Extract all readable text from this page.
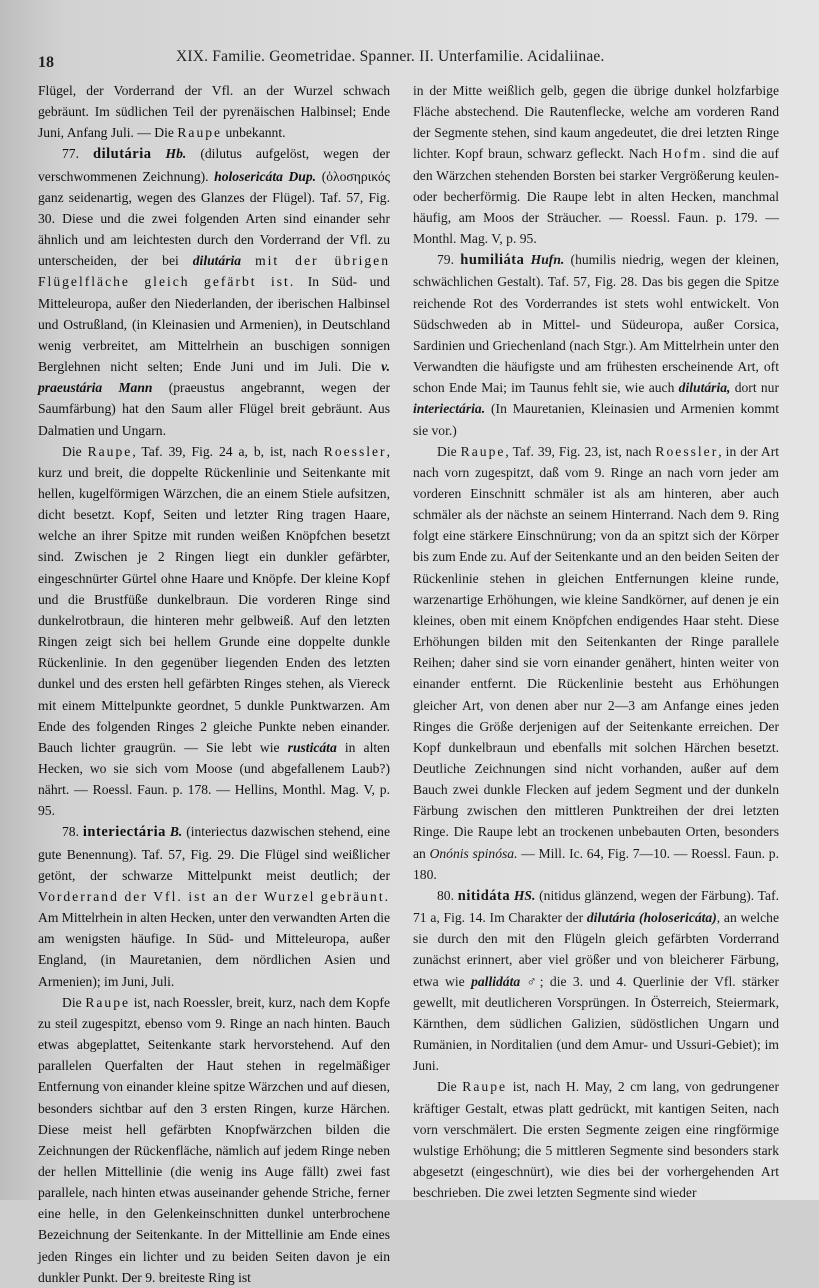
18	XIX. Familie. Geometridae. Spanner. II. Unterfamilie. Acidaliinae.

Flügel, der Vorderrand der Vfl. an der Wurzel schwach gebräunt. Im südlichen Teil der pyrenäischen Halbinsel; Ende Juni, Anfang Juli. — Die Raupe unbekannt.

77. dilutária Hb. (dilutus aufgelöst, wegen der verschwommenen Zeichnung). holosericáta Dup. (ὁλοσηρικός ganz seidenartig, wegen des Glanzes der Flügel). Taf. 57, Fig. 30. Diese und die zwei folgenden Arten sind einander sehr ähnlich und am leichtesten durch den Vorderrand der Vfl. zu unterscheiden, der bei dilutária mit der übrigen Flügelfläche gleich gefärbt ist. In Süd- und Mitteleuropa, außer den Niederlanden, der iberischen Halbinsel und Ostrußland, (in Kleinasien und Armenien), in Deutschland wenig verbreitet, am Mittelrhein an buschigen sonnigen Berglehnen nicht selten; Ende Juni und im Juli. Die v. praeustária Mann (praeustus angebrannt, wegen der Saumfärbung) hat den Saum aller Flügel breit gebräunt. Aus Dalmatien und Ungarn.

Die Raupe, Taf. 39, Fig. 24 a, b, ist, nach Roessler, kurz und breit, die doppelte Rückenlinie und Seitenkante mit hellen, kugelförmigen Wärzchen, die an einem Stiele aufsitzen, dicht besetzt. Kopf, Seiten und letzter Ring tragen Haare, welche an ihrer Spitze mit runden weißen Knöpfchen besetzt sind. Zwischen je 2 Ringen liegt ein dunkler gefärbter, eingeschnürter Gürtel ohne Haare und Knöpfe. Der kleine Kopf und die Brustfüße dunkelbraun. Die vorderen Ringe sind dunkelrotbraun, die hinteren mehr gelbweiß. Auf den letzten Ringen zeigt sich bei hellem Grunde eine doppelte dunkle Rückenlinie. In den gegenüber liegenden Enden des letzten dunkel und des ersten hell gefärbten Ringes stehen, als Viereck mit einem Mittelpunkte geordnet, 5 dunkle Punktwarzen. Am Ende des folgenden Ringes 2 gleiche Punkte neben einander. Bauch lichter graugrün. — Sie lebt wie rusticáta in alten Hecken, wo sie sich vom Moose (und abgefallenem Laub?) nährt. — Roessl. Faun. p. 178. — Hellins, Monthl. Mag. V, p. 95.

78. interiectária B. (interiectus dazwischen stehend, eine gute Benennung). Taf. 57, Fig. 29. Die Flügel sind weißlicher getönt, der schwarze Mittelpunkt meist deutlich; der Vorderrand der Vfl. ist an der Wurzel gebräunt. Am Mittelrhein in alten Hecken, unter den verwandten Arten die am wenigsten häufige. In Süd- und Mitteleuropa, außer England, (in Mauretanien, dem nördlichen Asien und Armenien); im Juni, Juli.

Die Raupe ist, nach Roessler, breit, kurz, nach dem Kopfe zu steil zugespitzt, ebenso vom 9. Ringe an nach hinten. Bauch etwas abgeplattet, Seitenkante stark hervorstehend. Auf den parallelen Querfalten der Haut stehen in regelmäßiger Entfernung von einander kleine spitze Wärzchen und auf diesen, besonders sichtbar auf den 3 ersten Ringen, kurze Härchen. Diese meist hell gefärbten Knopfwärzchen bilden die Zeichnungen der Rückenfläche, nämlich auf jedem Ringe neben der hellen Mittellinie (die wenig ins Auge fällt) zwei fast parallele, nach hinten etwas auseinander gehende Striche, ferner eine helle, in den Gelenkeinschnitten dunkel unterbrochene Bezeichnung der Seitenkante. In der Mittellinie am Ende eines jeden Ringes ein lichter und zu beiden Seiten davon je ein dunkler Punkt. Der 9. breiteste Ring ist

in der Mitte weißlich gelb, gegen die übrige dunkel holzfarbige Fläche abstechend. Die Rautenflecke, welche am vorderen Rand der Segmente stehen, sind kaum angedeutet, die drei letzten Ringe lichter. Kopf braun, schwarz gefleckt. Nach Hofm. sind die auf den Wärzchen stehenden Borsten bei starker Vergrößerung keulen- oder becherförmig. Die Raupe lebt in alten Hecken, manchmal häufig, am Moos der Sträucher. — Roessl. Faun. p. 179. — Monthl. Mag. V, p. 95.

79. humiliáta Hufn. (humilis niedrig, wegen der kleinen, schwächlichen Gestalt). Taf. 57, Fig. 28. Das bis gegen die Spitze reichende Rot des Vorderrandes ist stets wohl entwickelt. Von Südschweden ab in Mittel- und Südeuropa, außer Corsica, Sardinien und Griechenland (nach Stgr.). Am Mittelrhein unter den Verwandten die häufigste und am frühesten erscheinende Art, oft schon Ende Mai; im Taunus fehlt sie, wie auch dilutária, dort nur interiectária. (In Mauretanien, Kleinasien und Armenien kommt sie vor.)

Die Raupe, Taf. 39, Fig. 23, ist, nach Roessler, in der Art nach vorn zugespitzt, daß vom 9. Ringe an nach vorn jeder am vorderen Einschnitt schmäler ist als am hinteren, aber auch schmäler als der nächste an seinem Hinterrand. Nach dem 9. Ring folgt eine stärkere Einschnürung; von da an spitzt sich der Körper bis zum Ende zu. Auf der Seitenkante und an den beiden Seiten der Rückenlinie stehen in gleichen Entfernungen kleine runde, warzenartige Erhöhungen, wie kleine Sandkörner, auf denen je ein kleines, oben mit einem Knöpfchen endigendes Haar steht. Diese Erhöhungen bilden mit den Seitenkanten der Ringe parallele Reihen; daher sind sie vorn einander genähert, hinten weiter von einander entfernt. Die Rückenlinie besteht aus Erhöhungen gleicher Art, von denen aber nur 2—3 am Anfange eines jeden Ringes die Größe derjenigen auf der Seitenkante erreichen. Der Kopf dunkelbraun und ebenfalls mit solchen Härchen besetzt. Deutliche Zeichnungen sind nicht vorhanden, außer auf dem Bauch zwei dunkle Flecken auf jedem Segment und der dunkeln Färbung zwischen den mittleren Punktreihen der drei letzten Ringe. Die Raupe lebt an trockenen unbebauten Orten, besonders an Onónis spinósa. — Mill. Ic. 64, Fig. 7—10. — Roessl. Faun. p. 180.

80. nitidáta HS. (nitidus glänzend, wegen der Färbung). Taf. 71 a, Fig. 14. Im Charakter der dilutária (holosericáta), an welche sie durch den mit den Flügeln gleich gefärbten Vorderrand zunächst erinnert, aber viel größer und von bleicherer Färbung, etwa wie pallidáta ♂; die 3. und 4. Querlinie der Vfl. stärker gewellt, mit deutlicheren Vorsprüngen. In Österreich, Steiermark, Kärnthen, dem südlichen Galizien, südöstlichen Ungarn und Rumänien, in Norditalien (und dem Amur- und Ussuri-Gebiet); im Juni.

Die Raupe ist, nach H. May, 2 cm lang, von gedrungener kräftiger Gestalt, etwas platt gedrückt, mit kantigen Seiten, nach vorn verschmälert. Die ersten Segmente zeigen eine ringförmige wulstige Erhöhung; die 5 mittleren Segmente sind besonders stark abgesetzt (eingeschnürt), wie dies bei der vorhergehenden Art beschrieben. Die zwei letzten Segmente sind wieder
